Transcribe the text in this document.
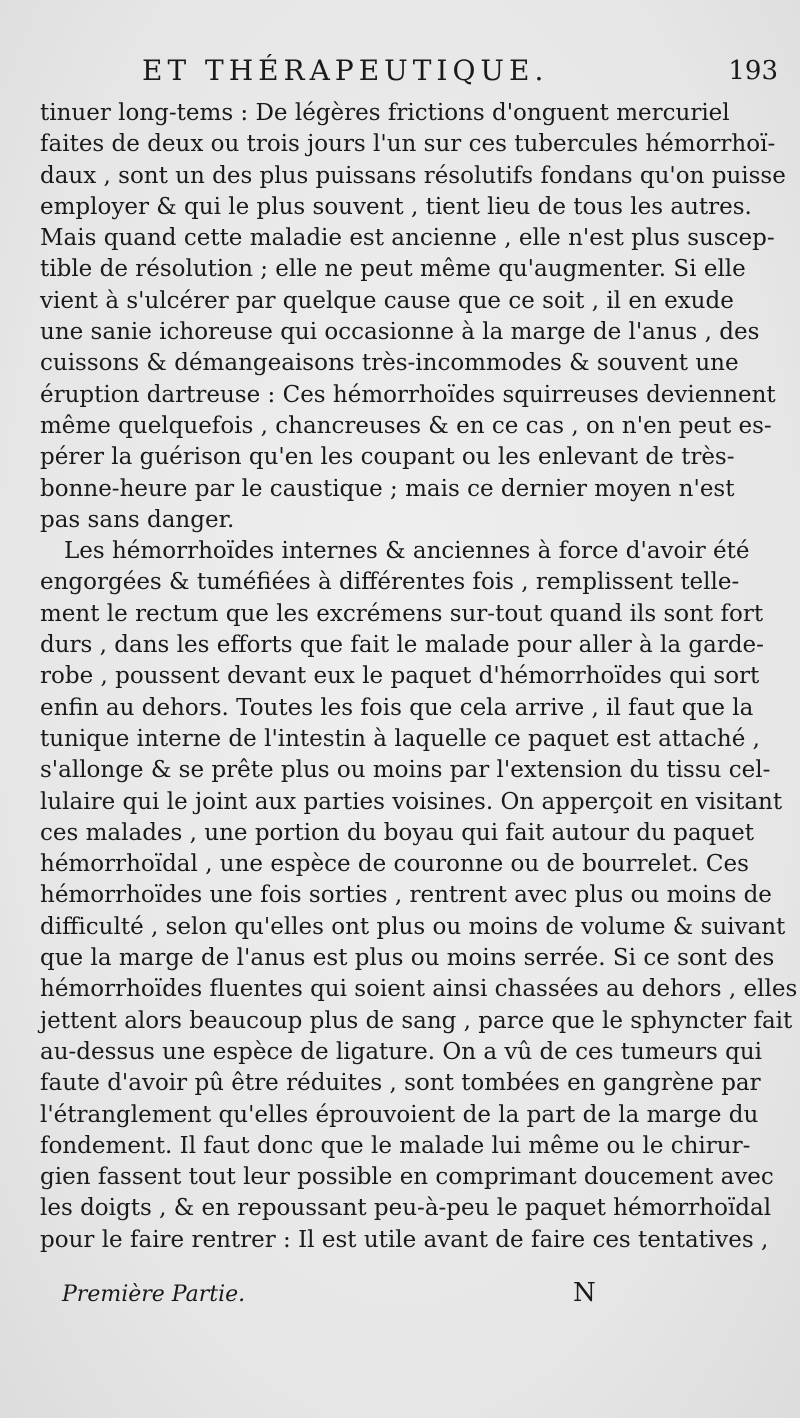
ET THÉRAPEUTIQUE.	193
tinuer long-tems : De légères frictions d'onguent mercuriel
faites de deux ou trois jours l'un sur ces tubercules hémorrhoï-
daux , sont un des plus puissans résolutifs fondans qu'on puisse
employer & qui le plus souvent , tient lieu de tous les autres.
Mais quand cette maladie est ancienne , elle n'est plus suscep-
tible de résolution ; elle ne peut même qu'augmenter. Si elle
vient à s'ulcérer par quelque cause que ce soit , il en exude
une sanie ichoreuse qui occasionne à la marge de l'anus , des
cuissons & démangeaisons très-incommodes & souvent une
éruption dartreuse : Ces hémorrhoïdes squirreuses deviennent
même quelquefois , chancreuses & en ce cas , on n'en peut es-
pérer la guérison qu'en les coupant ou les enlevant de très-
bonne-heure par le caustique ; mais ce dernier moyen n'est
pas sans danger.
Les hémorrhoïdes internes & anciennes à force d'avoir été
engorgées & tuméfiées à différentes fois , remplissent telle-
ment le rectum que les excrémens sur-tout quand ils sont fort
durs , dans les efforts que fait le malade pour aller à la garde-
robe , poussent devant eux le paquet d'hémorrhoïdes qui sort
enfin au dehors. Toutes les fois que cela arrive , il faut que la
tunique interne de l'intestin à laquelle ce paquet est attaché ,
s'allonge & se prête plus ou moins par l'extension du tissu cel-
lulaire qui le joint aux parties voisines. On apperçoit en visitant
ces malades , une portion du boyau qui fait autour du paquet
hémorrhoïdal , une espèce de couronne ou de bourrelet. Ces
hémorrhoïdes une fois sorties , rentrent avec plus ou moins de
difficulté , selon qu'elles ont plus ou moins de volume & suivant
que la marge de l'anus est plus ou moins serrée. Si ce sont des
hémorrhoïdes fluentes qui soient ainsi chassées au dehors , elles
jettent alors beaucoup plus de sang , parce que le sphyncter fait
au-dessus une espèce de ligature. On a vû de ces tumeurs qui
faute d'avoir pû être réduites , sont tombées en gangrène par
l'étranglement qu'elles éprouvoient de la part de la marge du
fondement. Il faut donc que le malade lui même ou le chirur-
gien fassent tout leur possible en comprimant doucement avec
les doigts , & en repoussant peu-à-peu le paquet hémorrhoïdal
pour le faire rentrer : Il est utile avant de faire ces tentatives ,
Première Partie.	N
